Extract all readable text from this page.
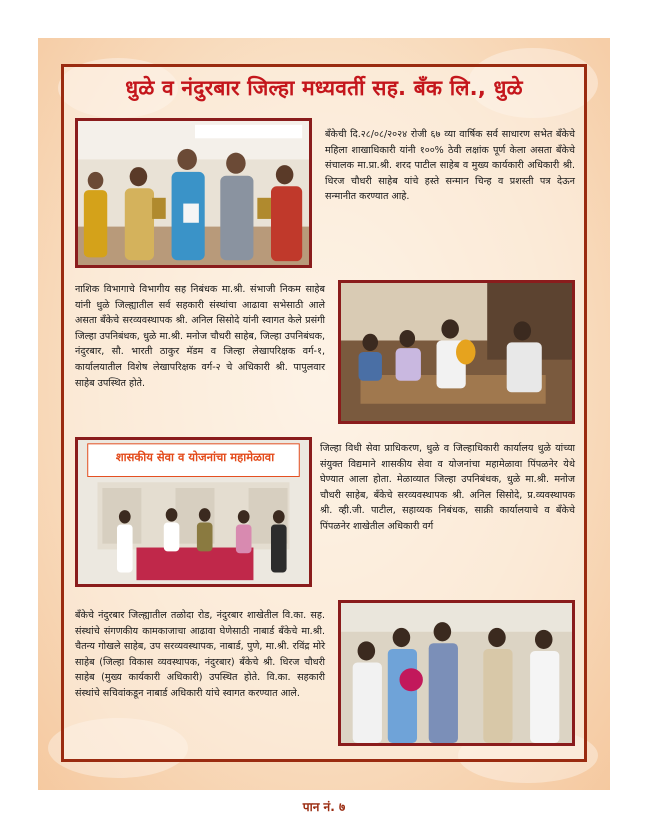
धुळे व नंदुरबार जिल्हा मध्यवर्ती सह. बँक लि., धुळे
बँकेची दि.२८/०८/२०२४ रोजी ६७ व्या वार्षिक सर्व साधारण सभेत बँकेचे महिला शाखाधिकारी यांनी १००% ठेवी लक्षांक पूर्ण केला असता बँकेचे संचालक मा.प्रा.श्री. शरद पाटील साहेब व मुख्य कार्यकारी अधिकारी श्री. धिरज चौधरी साहेब यांचे हस्ते सन्मान चिन्ह व प्रशस्ती पत्र देऊन सन्मानीत करण्यात आहे.
नाशिक विभागाचे विभागीय सह निबंधक मा.श्री. संभाजी निकम साहेब यांनी धुळे जिल्ह्यातील सर्व सहकारी संस्थांचा आढावा सभेसाठी आले असता बँकेचे सरव्यवस्थापक श्री. अनिल सिसोदे यांनी स्वागत केले प्रसंगी जिल्हा उपनिबंधक, धुळे मा.श्री. मनोज चौधरी साहेब, जिल्हा उपनिबंधक, नंदुरबार, सौ. भारती ठाकुर मॅडम व जिल्हा लेखापरिक्षक वर्ग-१, कार्यालयातील विशेष लेखापरिक्षक वर्ग-२ चे अधिकारी श्री. पापुलवार साहेब उपस्थित होते.
शासकीय सेवा व योजनांचा महामेळावा
जिल्हा विधी सेवा प्राधिकरण, धुळे व जिल्हाधिकारी कार्यालय धुळे यांच्या संयुक्त विद्यमाने शासकीय सेवा व योजनांचा महामेळावा पिंपळनेर येथे घेण्यात आला होता. मेळाव्यात जिल्हा उपनिबंधक, धुळे मा.श्री. मनोज चौधरी साहेब, बँकेचे सरव्यवस्थापक श्री. अनिल सिसोदे, प्र.व्यवस्थापक श्री. व्ही.जी. पाटील, सहाय्यक निबंधक, साक्री कार्यालयाचे व बँकेचे पिंपळनेर शाखेतील अधिकारी वर्ग
बँकेचे नंदुरबार जिल्ह्यातील तळोदा रोड, नंदुरबार शाखेतील वि.का. सह. संस्थांचे संगणकीय कामकाजाचा आढावा घेणेसाठी नाबार्ड बँकेचे मा.श्री. चैतन्य गोखले साहेब, उप सरव्यवस्थापक, नाबार्ड, पुणे, मा.श्री. रविंद्र मोरे साहेब (जिल्हा विकास व्यवस्थापक, नंदुरबार) बँकेचे श्री. धिरज चौधरी साहेब (मुख्य कार्यकारी अधिकारी) उपस्थित होते. वि.का. सहकारी संस्थांचे सचिवांकडून नाबार्ड अधिकारी यांचे स्वागत करण्यात आले.
पान नं. ७
